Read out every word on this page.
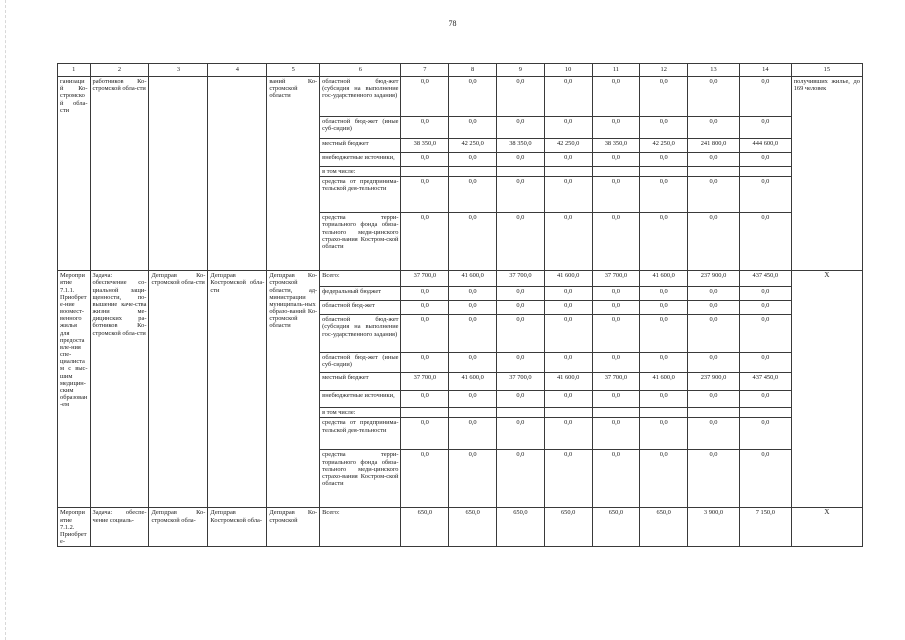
78
1	2	3	4	5	6	7	8	9	10	11	12	13	14	15
ганизаций Ко-стромской обла-сти	работников Ко-стромской обла-сти			ваний Ко-стромской области	областной бюд-жет (субсидия на выполнение гос-ударственного задания)	0,0	0,0	0,0	0,0	0,0	0,0	0,0	0,0	получивших жилье, до 169 человек
					областной бюд-жет (иные суб-сидии)	0,0	0,0	0,0	0,0	0,0	0,0	0,0	0,0	
					местный бюджет	38 350,0	42 250,0	38 350,0	42 250,0	38 350,0	42 250,0	241 800,0	444 600,0	
					внебюджетные источники,	0,0	0,0	0,0	0,0	0,0	0,0	0,0	0,0	
					в том числе:									
					средства от предпринима-тельской дея-тельности	0,0	0,0	0,0	0,0	0,0	0,0	0,0	0,0	
					средства терри-ториального фонда обяза-тельного меди-цинского страхо-вания Костром-ской области	0,0	0,0	0,0	0,0	0,0	0,0	0,0	0,0	
Мероприятие 7.1.1. Приобрете-ние воомест-венного жилья для предоставле-ния спе-циалистам с выс-шим медицин-ским образован-ем	Задача: обеспечение со-циальной защи-щенности, по-вышение каче-ства жизни ме-дицинских ра-ботников Ко-стромской обла-сти	Депздрав Ко-стромской обла-сти	Депздрав Костромской обла-сти	Депздрав Ко-стромской области, ад-министрации муниципаль-ных образо-ваний Ко-стромской области	Всего:	37 700,0	41 600,0	37 700,0	41 600,0	37 700,0	41 600,0	237 900,0	437 450,0	Х
					федеральный бюджет	0,0	0,0	0,0	0,0	0,0	0,0	0,0	0,0	
					областной бюд-жет	0,0	0,0	0,0	0,0	0,0	0,0	0,0	0,0	
					областной бюд-жет (субсидия на выполнение гос-ударственного задания)	0,0	0,0	0,0	0,0	0,0	0,0	0,0	0,0	
					областной бюд-жет (иные суб-сидии)	0,0	0,0	0,0	0,0	0,0	0,0	0,0	0,0	
					местный бюджет	37 700,0	41 600,0	37 700,0	41 600,0	37 700,0	41 600,0	237 900,0	437 450,0	
					внебюджетные источники,	0,0	0,0	0,0	0,0	0,0	0,0	0,0	0,0	
					в том числе:									
					средства от предпринима-тельской дея-тельности	0,0	0,0	0,0	0,0	0,0	0,0	0,0	0,0	
					средства терри-ториального фонда обяза-тельного меди-цинского страхо-вания Костром-ской области	0,0	0,0	0,0	0,0	0,0	0,0	0,0	0,0	
Мероприятие 7.1.2. Приобрете-	Задача: обеспе-чение социаль-	Депздрав Ко-стромской обла-	Депздрав Костромской обла-	Депздрав Ко-стромской	Всего:	650,0	650,0	650,0	650,0	650,0	650,0	3 900,0	7 150,0	Х
